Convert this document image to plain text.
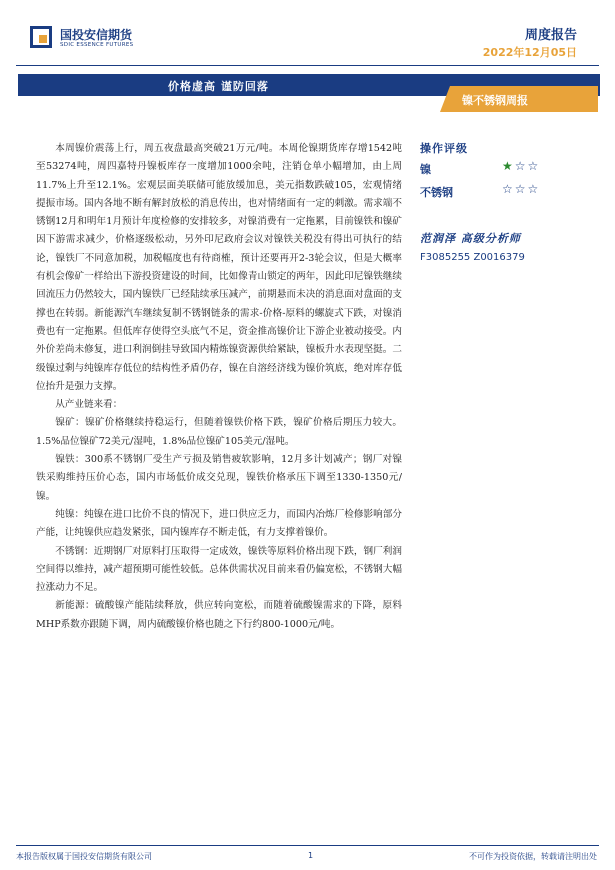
国投安信期货
SDIC ESSENCE FUTURES
周度报告
2022年12月05日
价格虚高 谨防回落
镍不锈钢周报

本周镍价震荡上行，周五夜盘最高突破21万元/吨。本周伦镍期货库存增1542吨至53274吨，周四嘉特丹镍板库存一度增加1000余吨，注销仓单小幅增加，由上周11.7%上升至12.1%。宏观层面美联储可能放缓加息，美元指数跌破105，宏观情绪提振市场。国内各地不断有解封放松的消息传出，也对情绪面有一定的刺激。需求端不锈钢12月和明年1月预计年度检修的安排较多，对镍消费有一定拖累，目前镍铁和镍矿因下游需求减少，价格逐级松动，另外印尼政府会议对镍铁关税没有得出可执行的结论，镍铁厂不同意加税，加税幅度也有待商榷，预计还要再开2-3轮会议，但是大概率有机会像矿一样给出下游投资建设的时间，比如像青山锁定的两年，因此印尼镍铁继续回流压力仍然较大，国内镍铁厂已经陆续承压减产，前期悬而未决的消息面对盘面的支撑也在转弱。新能源汽车继续复制不锈钢链条的需求-价格-原料的螺旋式下跌，对镍消费也有一定拖累。但低库存使得空头底气不足，资金推高镍价让下游企业被动接受。内外价差尚未修复，进口利润倒挂导致国内精炼镍资源供给紧缺，镍板升水表现坚挺。二级镍过剩与纯镍库存低位的结构性矛盾仍存，镍在自溶经济线为镍价筑底，绝对库存低位抬升是强力支撑。

从产业链来看：

镍矿：镍矿价格继续持稳运行，但随着镍铁价格下跌，镍矿价格后期压力较大。1.5%品位镍矿72美元/湿吨，1.8%品位镍矿105美元/湿吨。

镍铁：300系不锈钢厂受生产亏损及销售疲软影响，12月多计划减产；钢厂对镍铁采购维持压价心态，国内市场低价成交兑现，镍铁价格承压下调至1330-1350元/镍。

纯镍：纯镍在进口比价不良的情况下，进口供应乏力，而国内冶炼厂检修影响部分产能，让纯镍供应趋发紧张，国内镍库存不断走低，有力支撑着镍价。

不锈钢：近期钢厂对原料打压取得一定成效，镍铁等原料价格出现下跌，钢厂利润空间得以维持，减产超预期可能性较低。总体供需状况目前来看仍偏宽松，不锈钢大幅拉涨动力不足。

新能源：硫酸镍产能陆续释放，供应转向宽松，而随着硫酸镍需求的下降，原料MHP系数亦跟随下调，周内硫酸镍价格也随之下行约800-1000元/吨。

操作评级
镍	★☆☆
不锈钢	☆☆☆
范润泽 高级分析师
F3085255 Z0016379
本报告版权属于国投安信期货有限公司	1	不可作为投资依据，转载请注明出处
